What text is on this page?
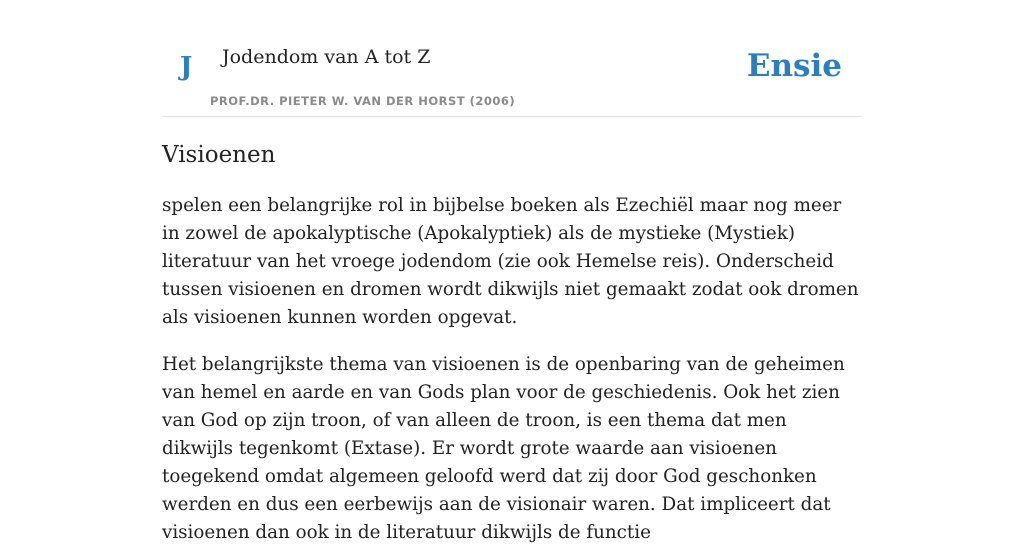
J Jodendom van A tot Z
PROF.DR. PIETER W. VAN DER HORST (2006)
Ensie
Visioenen

spelen een belangrijke rol in bijbelse boeken als Ezechiël maar nog meer in zowel de apokalyptische (Apokalyptiek) als de mystieke (Mystiek) literatuur van het vroege jodendom (zie ook Hemelse reis). Onderscheid tussen visioenen en dromen wordt dikwijls niet gemaakt zodat ook dromen als visioenen kunnen worden opgevat.

Het belangrijkste thema van visioenen is de openbaring van de geheimen van hemel en aarde en van Gods plan voor de geschiedenis. Ook het zien van God op zijn troon, of van alleen de troon, is een thema dat men dikwijls tegenkomt (Extase). Er wordt grote waarde aan visioenen toegekend omdat algemeen geloofd werd dat zij door God geschonken werden en dus een eerbewijs aan de visionair waren. Dat impliceert dat visioenen dan ook in de literatuur dikwijls de functie
